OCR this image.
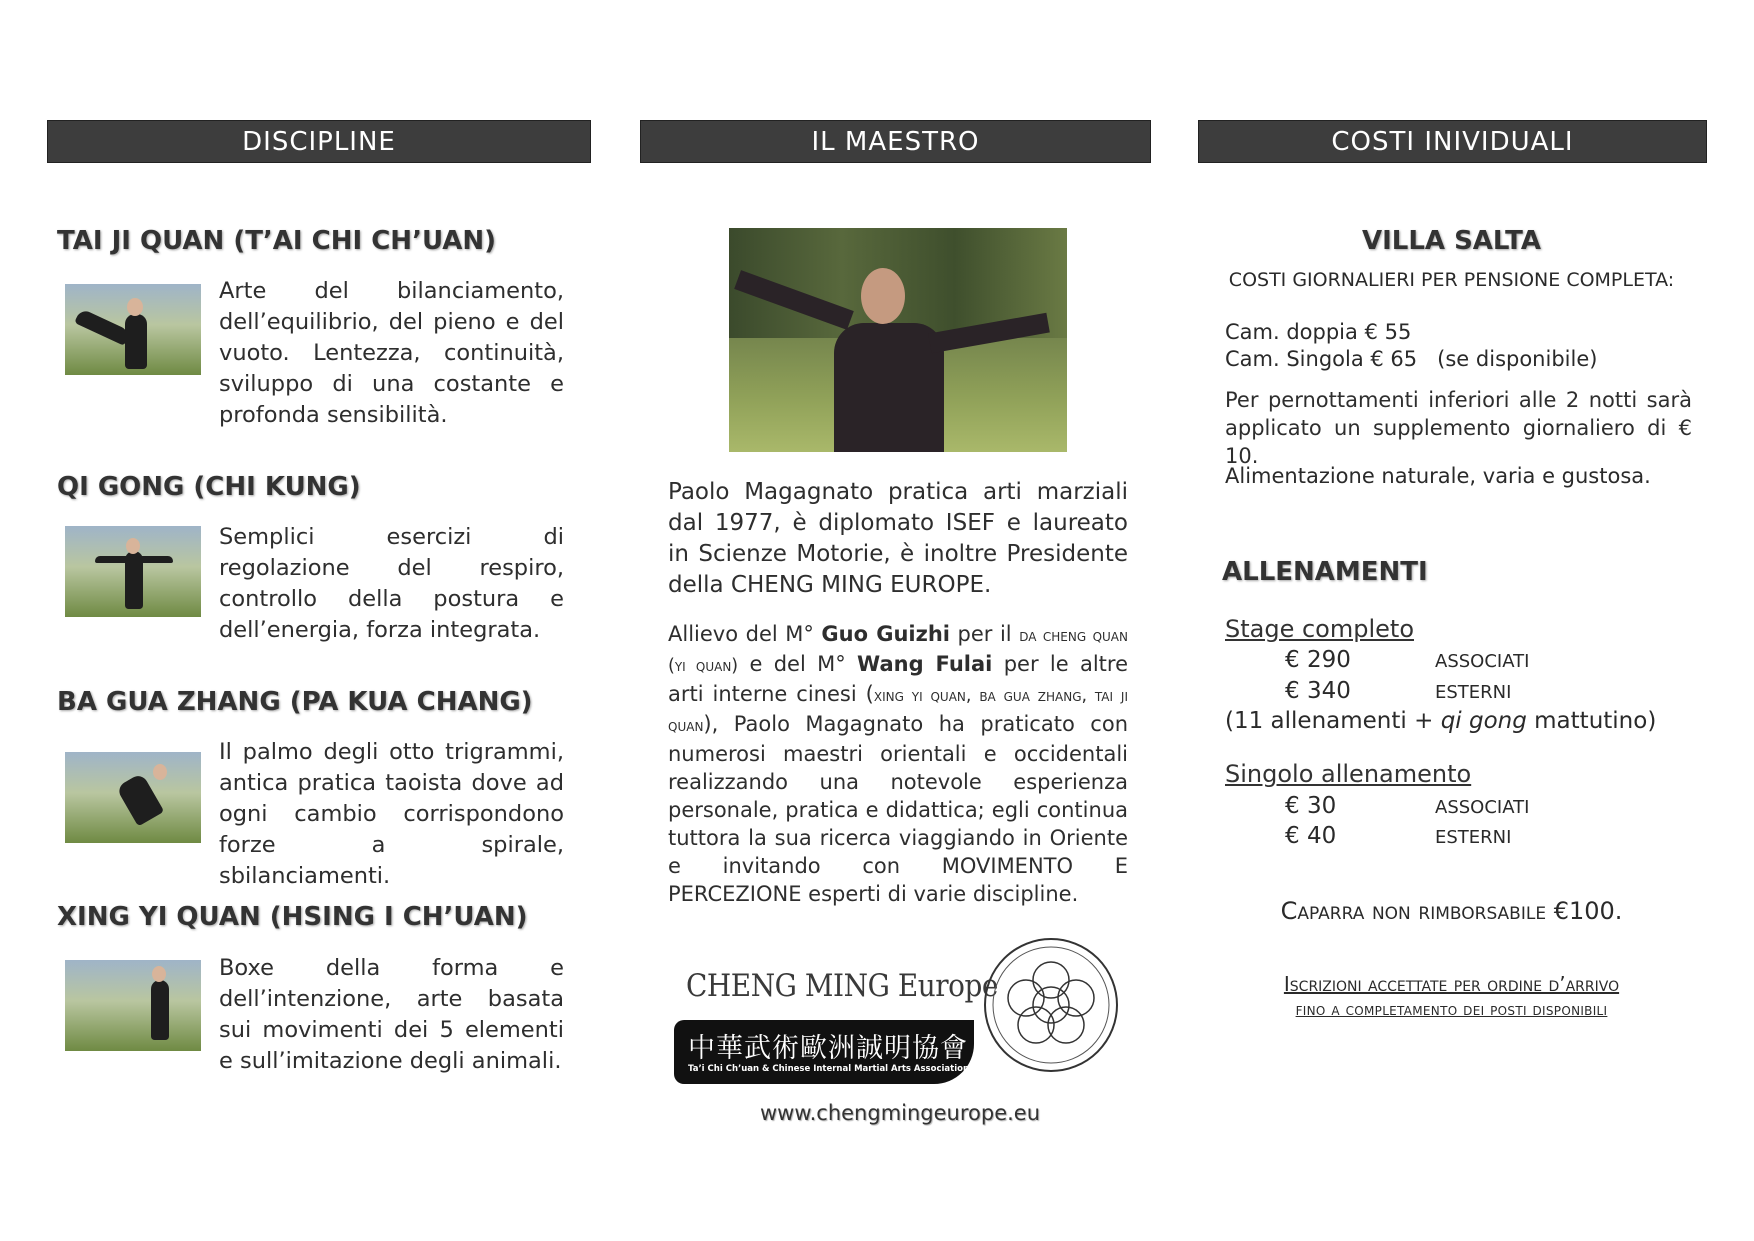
DISCIPLINE
TAI JI QUAN (T’AI CHI CH’UAN)
Arte del bilanciamento, dell’equilibrio, del pieno e del vuoto. Lentezza, continuità, sviluppo di una costante e profonda sensibilità.
QI GONG (CHI KUNG)
Semplici esercizi di regolazione del respiro, controllo della postura e dell’energia, forza integrata.
BA GUA ZHANG (PA KUA CHANG)
Il palmo degli otto trigrammi, antica pratica taoista dove ad ogni cambio corrispondono forze a spirale, sbilanciamenti.
XING YI QUAN (HSING I CH’UAN)
Boxe della forma e dell’intenzione, arte basata sui movimenti dei 5 elementi e sull’imitazione degli animali.
IL MAESTRO
Paolo Magagnato pratica arti marziali dal 1977, è diplomato ISEF e laureato in Scienze Motorie, è inoltre Presidente della CHENG MING EUROPE.
Allievo del M° Guo Guizhi per il da cheng quan (yi quan) e del M° Wang Fulai per le altre arti interne cinesi (xing yi quan, ba gua zhang, tai ji quan), Paolo Magagnato ha praticato con numerosi maestri orientali e occidentali realizzando una notevole esperienza personale, pratica e didattica; egli continua tuttora la sua ricerca viaggiando in Oriente e invitando con MOVIMENTO E PERCEZIONE esperti di varie discipline.
CHENG MING Europe
中華武術歐洲誠明協會
Ta’i Chi Ch’uan & Chinese Internal Martial Arts Association
www.chengmingeurope.eu
COSTI INIVIDUALI
VILLA SALTA
COSTI GIORNALIERI PER PENSIONE COMPLETA:
Cam. doppia € 55
Cam. Singola € 65 (se disponibile)
Per pernottamenti inferiori alle 2 notti sarà applicato un supplemento giornaliero di € 10.
Alimentazione naturale, varia e gustosa.
ALLENAMENTI
Stage completo
€ 290	ASSOCIATI
€ 340	ESTERNI
(11 allenamenti + qi gong mattutino)
Singolo allenamento
€ 30	ASSOCIATI
€ 40	ESTERNI
Caparra non rimborsabile €100.
Iscrizioni accettate per ordine d’arrivo
fino a completamento dei posti disponibili
